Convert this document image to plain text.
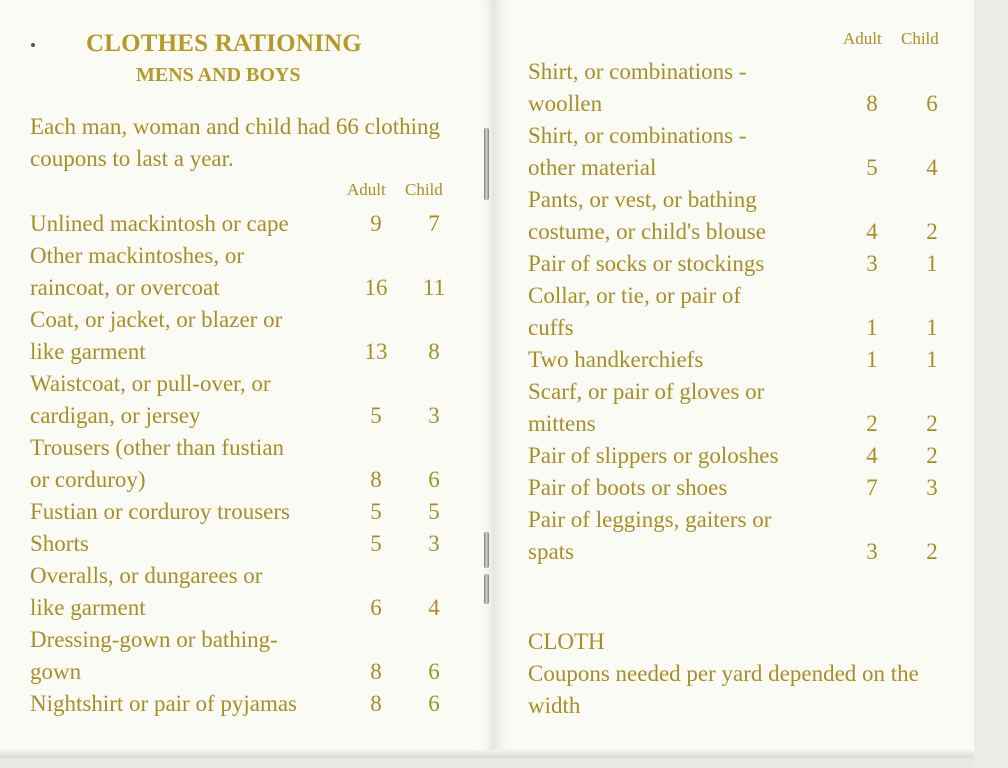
CLOTHES RATIONING
MENS AND BOYS
Each man, woman and child had 66 clothing coupons to last a year.
Adult Child
Unlined mackintosh or cape	9	7
Other mackintoshes, or
raincoat, or overcoat	16	11
Coat, or jacket, or blazer or
like garment	13	8
Waistcoat, or pull-over, or
cardigan, or jersey	5	3
Trousers (other than fustian
or corduroy)	8	6
Fustian or corduroy trousers	5	5
Shorts	5	3
Overalls, or dungarees or
like garment	6	4
Dressing-gown or bathing-
gown	8	6
Nightshirt or pair of pyjamas	8	6
Adult Child
Shirt, or combinations -
woollen	8	6
Shirt, or combinations -
other material	5	4
Pants, or vest, or bathing
costume, or child's blouse	4	2
Pair of socks or stockings	3	1
Collar, or tie, or pair of
cuffs	1	1
Two handkerchiefs	1	1
Scarf, or pair of gloves or
mittens	2	2
Pair of slippers or goloshes	4	2
Pair of boots or shoes	7	3
Pair of leggings, gaiters or
spats	3	2
CLOTH
Coupons needed per yard depended on the width
